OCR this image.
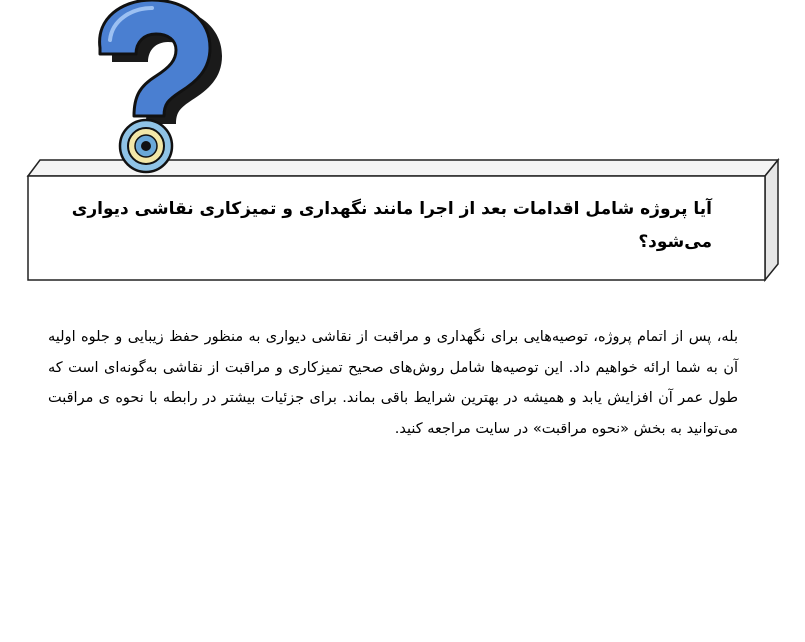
آیا پروژه شامل اقدامات بعد از اجرا مانند نگهداری و تمیزکاری نقاشی دیواری می‌شود؟

بله، پس از اتمام پروژه، توصیه‌هایی برای نگهداری و مراقبت از نقاشی دیواری به منظور حفظ زیبایی و جلوه اولیه آن به شما ارائه خواهیم داد. این توصیه‌ها شامل روش‌های صحیح تمیزکاری و مراقبت از نقاشی به‌گونه‌ای است که طول عمر آن افزایش یابد و همیشه در بهترین شرایط باقی بماند. برای جزئیات بیشتر در رابطه با نحوه ی مراقبت می‌توانید به بخش «نحوه مراقبت» در سایت مراجعه کنید.
